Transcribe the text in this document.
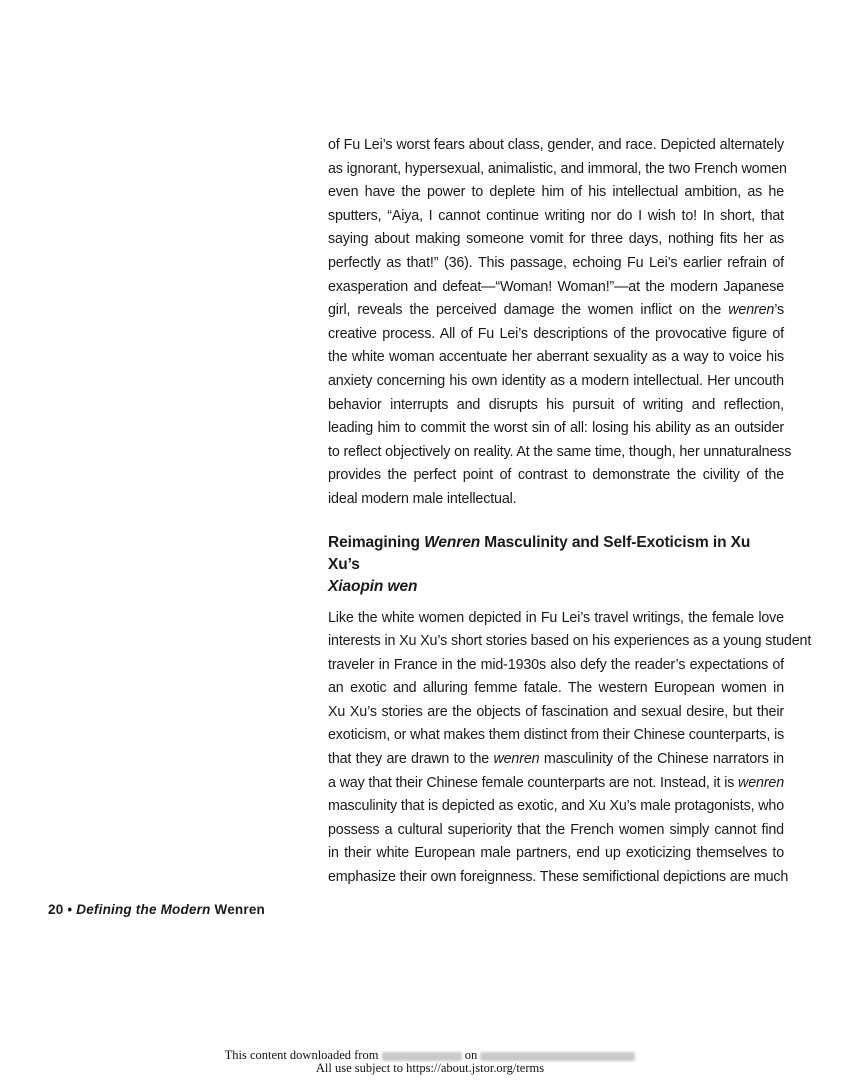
of Fu Lei’s worst fears about class, gender, and race. Depicted alternately
as ignorant, hypersexual, animalistic, and immoral, the two French women
even have the power to deplete him of his intellectual ambition, as he
sputters, “Aiya, I cannot continue writing nor do I wish to! In short, that
saying about making someone vomit for three days, nothing fits her as
perfectly as that!” (36). This passage, echoing Fu Lei’s earlier refrain of
exasperation and defeat—“Woman! Woman!”—at the modern Japanese
girl, reveals the perceived damage the women inflict on the wenren’s
creative process. All of Fu Lei’s descriptions of the provocative figure of
the white woman accentuate her aberrant sexuality as a way to voice his
anxiety concerning his own identity as a modern intellectual. Her uncouth
behavior interrupts and disrupts his pursuit of writing and reflection,
leading him to commit the worst sin of all: losing his ability as an outsider
to reflect objectively on reality. At the same time, though, her unnaturalness
provides the perfect point of contrast to demonstrate the civility of the
ideal modern male intellectual.
Reimagining Wenren Masculinity and Self-Exoticism in Xu Xu’s
Xiaopin wen
Like the white women depicted in Fu Lei’s travel writings, the female love
interests in Xu Xu’s short stories based on his experiences as a young student
traveler in France in the mid-1930s also defy the reader’s expectations of
an exotic and alluring femme fatale. The western European women in
Xu Xu’s stories are the objects of fascination and sexual desire, but their
exoticism, or what makes them distinct from their Chinese counterparts, is
that they are drawn to the wenren masculinity of the Chinese narrators in
a way that their Chinese female counterparts are not. Instead, it is wenren
masculinity that is depicted as exotic, and Xu Xu’s male protagonists, who
possess a cultural superiority that the French women simply cannot find
in their white European male partners, end up exoticizing themselves to
emphasize their own foreignness. These semifictional depictions are much
20 • Defining the Modern Wenren
This content downloaded from	on
All use subject to https://about.jstor.org/terms
